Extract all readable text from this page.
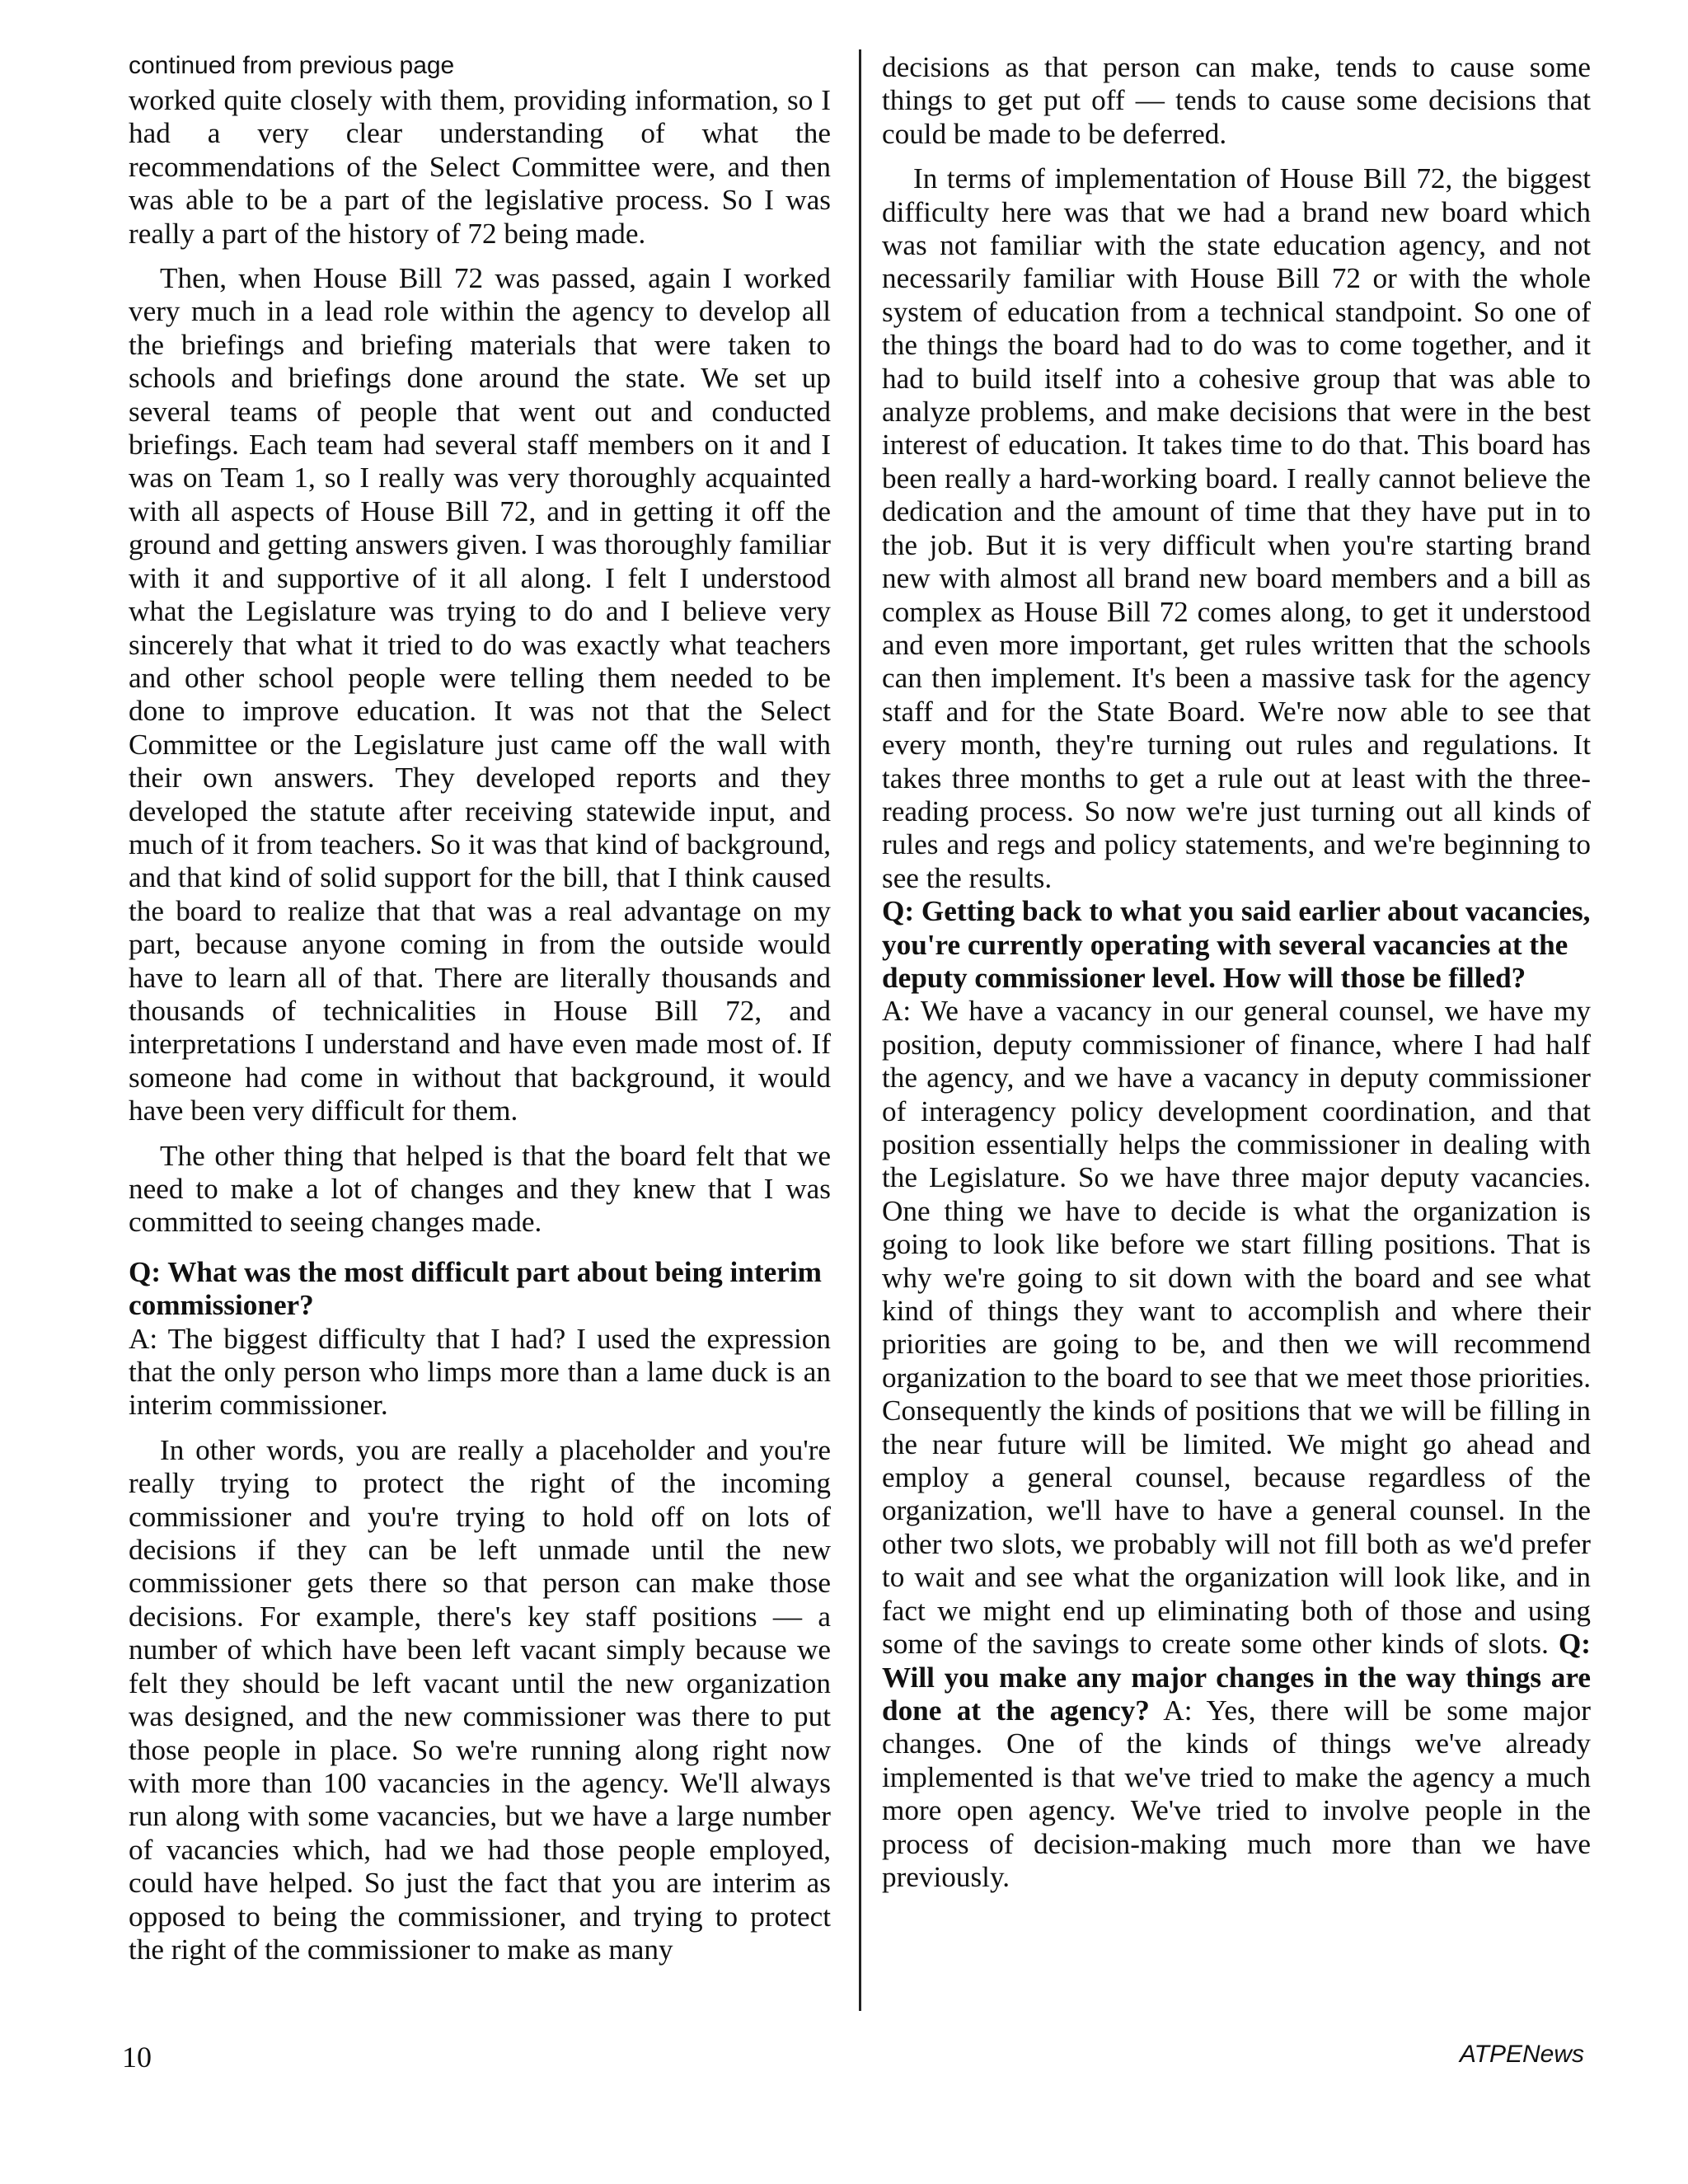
continued from previous page

worked quite closely with them, providing information, so I had a very clear understanding of what the recommendations of the Select Committee were, and then was able to be a part of the legislative process. So I was really a part of the history of 72 being made.

Then, when House Bill 72 was passed, again I worked very much in a lead role within the agency to develop all the briefings and briefing materials that were taken to schools and briefings done around the state. We set up several teams of people that went out and conducted briefings. Each team had several staff members on it and I was on Team 1, so I really was very thoroughly acquainted with all aspects of House Bill 72, and in getting it off the ground and getting answers given. I was thoroughly familiar with it and supportive of it all along. I felt I understood what the Legislature was trying to do and I believe very sincerely that what it tried to do was exactly what teachers and other school people were telling them needed to be done to improve education. It was not that the Select Committee or the Legislature just came off the wall with their own answers. They developed reports and they developed the statute after receiving statewide input, and much of it from teachers. So it was that kind of background, and that kind of solid support for the bill, that I think caused the board to realize that that was a real advantage on my part, because anyone coming in from the outside would have to learn all of that. There are literally thousands and thousands of technicalities in House Bill 72, and interpretations I understand and have even made most of. If someone had come in without that background, it would have been very difficult for them.

The other thing that helped is that the board felt that we need to make a lot of changes and they knew that I was committed to seeing changes made.

Q: What was the most difficult part about being interim commissioner?

A: The biggest difficulty that I had? I used the expression that the only person who limps more than a lame duck is an interim commissioner.

In other words, you are really a placeholder and you're really trying to protect the right of the incoming commissioner and you're trying to hold off on lots of decisions if they can be left unmade until the new commissioner gets there so that person can make those decisions. For example, there's key staff positions — a number of which have been left vacant simply because we felt they should be left vacant until the new organization was designed, and the new commissioner was there to put those people in place. So we're running along right now with more than 100 vacancies in the agency. We'll always run along with some vacancies, but we have a large number of vacancies which, had we had those people employed, could have helped. So just the fact that you are interim as opposed to being the commissioner, and trying to protect the right of the commissioner to make as many

decisions as that person can make, tends to cause some things to get put off — tends to cause some decisions that could be made to be deferred.

In terms of implementation of House Bill 72, the biggest difficulty here was that we had a brand new board which was not familiar with the state education agency, and not necessarily familiar with House Bill 72 or with the whole system of education from a technical standpoint. So one of the things the board had to do was to come together, and it had to build itself into a cohesive group that was able to analyze problems, and make decisions that were in the best interest of education. It takes time to do that. This board has been really a hard-working board. I really cannot believe the dedication and the amount of time that they have put in to the job. But it is very difficult when you're starting brand new with almost all brand new board members and a bill as complex as House Bill 72 comes along, to get it understood and even more important, get rules written that the schools can then implement. It's been a massive task for the agency staff and for the State Board. We're now able to see that every month, they're turning out rules and regulations. It takes three months to get a rule out at least with the three-reading process. So now we're just turning out all kinds of rules and regs and policy statements, and we're beginning to see the results.

Q: Getting back to what you said earlier about vacancies, you're currently operating with several vacancies at the deputy commissioner level. How will those be filled?

A: We have a vacancy in our general counsel, we have my position, deputy commissioner of finance, where I had half the agency, and we have a vacancy in deputy commissioner of interagency policy development coordination, and that position essentially helps the commissioner in dealing with the Legislature. So we have three major deputy vacancies. One thing we have to decide is what the organization is going to look like before we start filling positions. That is why we're going to sit down with the board and see what kind of things they want to accomplish and where their priorities are going to be, and then we will recommend organization to the board to see that we meet those priorities. Consequently the kinds of positions that we will be filling in the near future will be limited. We might go ahead and employ a general counsel, because regardless of the organization, we'll have to have a general counsel. In the other two slots, we probably will not fill both as we'd prefer to wait and see what the organization will look like, and in fact we might end up eliminating both of those and using some of the savings to create some other kinds of slots. Q: Will you make any major changes in the way things are done at the agency? A: Yes, there will be some major changes. One of the kinds of things we've already implemented is that we've tried to make the agency a much more open agency. We've tried to involve people in the process of decision-making much more than we have previously.

10	ATPENews
